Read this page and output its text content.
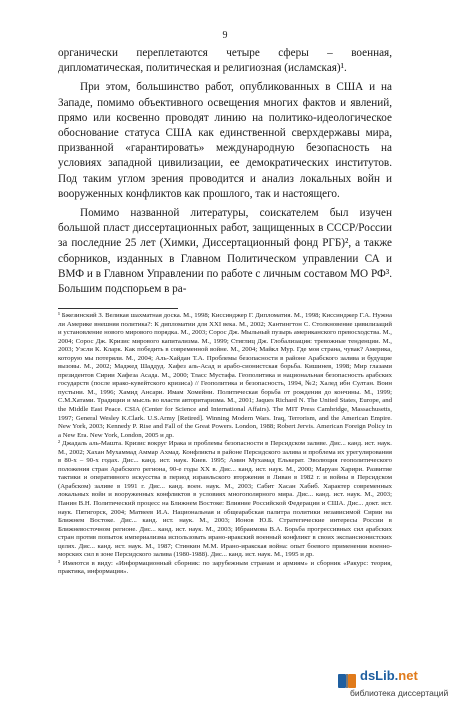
9

органически переплетаются четыре сферы – военная, дипломатическая, политическая и религиозная (исламская)¹.

При этом, большинство работ, опубликованных в США и на Западе, помимо объективного освещения многих фактов и явлений, прямо или косвенно проводят линию на политико-идеологическое обоснование статуса США как единственной сверхдержавы мира, призванной «гарантировать» международную безопасность на условиях западной цивилизации, ее демократических институтов. Под таким углом зрения проводится и анализ локальных войн и вооруженных конфликтов как прошлого, так и настоящего.

Помимо названной литературы, соискателем был изучен большой пласт диссертационных работ, защищенных в СССР/России за последние 25 лет (Химки, Диссертационный фонд РГБ)², а также сборников, изданных в Главном Политическом управлении СА и ВМФ и в Главном Управлении по работе с личным составом МО РФ³. Большим подспорьем в ра-

¹ Бжезинский З. Великая шахматная доска. М., 1998; Киссинджер Г. Дипломатия. М., 1998; Киссинджер Г.А. Нужна ли Америке внешняя политика?: К дипломатии для XXI века. М., 2002; Хантингтон С. Столкновение цивилизаций и установление нового мирового порядка. М., 2003; Сорос Дж. Мыльный пузырь американского превосходства. М., 2004; Сорос Дж. Кризис мирового капитализма. М., 1999; Стиглиц Дж. Глобализация: тревожные тенденции. М., 2003; Уэсли К. Кларк. Как победить в современной войне. М., 2004; Майкл Мур. Где моя страна, чувак? Америка, которую мы потеряли. М., 2004; Аль-Хайдан Т.А. Проблемы безопасности в районе Арабского залива и будущие вызовы. М., 2002; Маджед Шаддуд. Хафез аль-Асад и арабо-сионистская борьба. Кишинев, 1998; Мир глазами президентов Сирии Хафеза Асада. М., 2000; Тласс Мустафа. Геополитика и национальная безопасность арабских государств (после ирако-кувейтского кризиса) // Геополитика и безопасность, 1994, №2; Халед ибн Султан. Воин пустыни. М., 1996; Хамид Ансари. Имам Хомейни. Политическая борьба от рождения до кончины. М., 1999; С.М.Хатами. Традиции и мысль во власти авторитаризма. М., 2001; Jaques Richard N. The United States, Europe, and the Middle East Peace. CSIA (Center for Science and International Affairs). The MIT Press Cambridge, Massachusetts, 1997; General Wesley K.Clark. U.S.Army [Retired]. Winning Modern Wars. Iraq, Terrorism, and the American Empire. New York, 2003; Kennedy P. Rise and Fall of the Great Powers. London, 1988; Robert Jervis. American Foreign Policy in a New Era. New York, London, 2005 и др.

² Джадаль аль-Машта. Кризис вокруг Ирака и проблемы безопасности в Персидском заливе. Дис... канд. ист. наук. М., 2002; Хахан Мухаммад Аммар Ахмад. Конфликты в районе Персидского залива и проблема их урегулирования в 80-х – 90-х годах. Дис... канд. ист. наук. Киев. 1995; Амин Мухамад Елькерат. Эволюция геополитического положения стран Арабского региона, 90-е годы XX в. Дис... канд. ист. наук. М., 2000; Маруан Харири. Развитие тактики и оперативного искусства в период израильского вторжения в Ливан в 1982 г. и войны в Персидском (Арабском) заливе в 1991 г. Дис... канд. воен. наук. М., 2003; Сабит Хасан Хабиб. Характер современных локальных войн и вооруженных конфликтов в условиях многополярного мира. Дис... канд. ист. наук. М., 2003; Панин В.Н. Политический процесс на Ближнем Востоке: Влияние Российской Федерации и США. Дис... докт. ист. наук. Пятигорск, 2004; Матвеев И.А. Национальная и общеарабская палитра политики независимой Сирии на Ближнем Востоке. Дис... канд. ист. наук. М., 2003; Ионов Ю.Б. Стратегические интересы России в Ближневосточном регионе. Дис... канд. ист. наук. М., 2003; Ибраимова В.А. Борьба прогрессивных сил арабских стран против попыток империализма использовать ирано-иракский военный конфликт в своих экспансионистских целях. Дис... канд. ист. наук. М., 1987; Стинкин М.М. Ирано-иракская война: опыт боевого применения военно-морских сил в зоне Персидского залива (1980-1988). Дис... канд. ист. наук. М., 1995 и др.

³ Имеются в виду: «Информационный сборник: по зарубежным странам и армиям» и сборник «Ракурс: теория, практика, информация».

dsLib.net
библиотека диссертаций
